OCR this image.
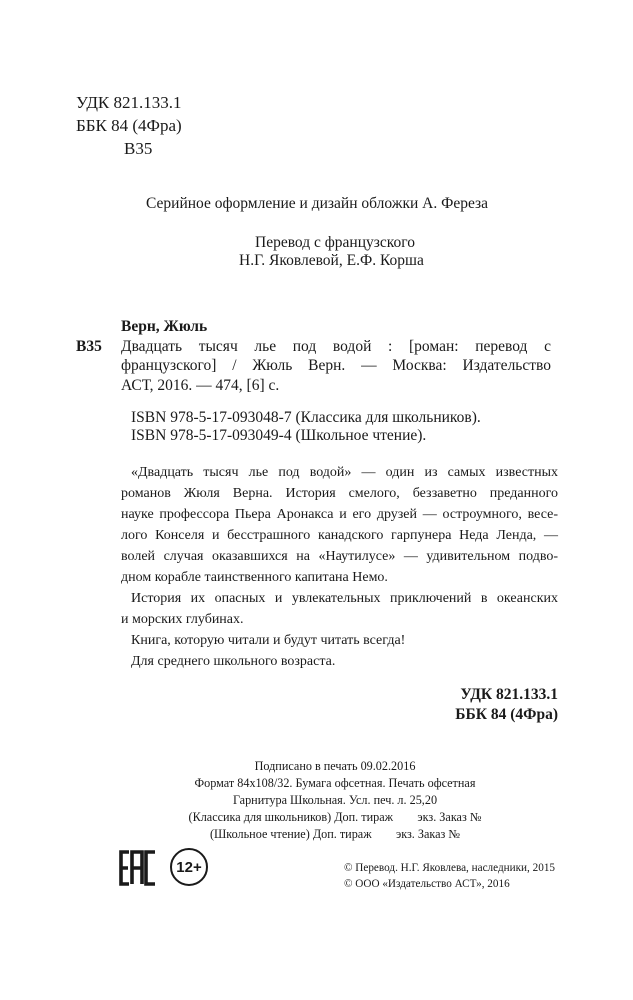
УДК 821.133.1
ББК 84 (4Фра)
В35
Серийное оформление и дизайн обложки А. Фереза
Перевод с французского
Н.Г. Яковлевой, Е.Ф. Корша
Верн, Жюль
В35 Двадцать тысяч лье под водой : [роман: перевод с
французского] / Жюль Верн. — Москва: Издательство
АСТ, 2016. — 474, [6] с.
ISBN 978-5-17-093048-7 (Классика для школьников).
ISBN 978-5-17-093049-4 (Школьное чтение).
«Двадцать тысяч лье под водой» — один из самых известных
романов Жюля Верна. История смелого, беззаветно преданного
науке профессора Пьера Аронакса и его друзей — остроумного, весе-
лого Конселя и бесстрашного канадского гарпунера Неда Ленда, —
волей случая оказавшихся на «Наутилусе» — удивительном подво-
дном корабле таинственного капитана Немо.
История их опасных и увлекательных приключений в океанских
и морских глубинах.
Книга, которую читали и будут читать всегда!
Для среднего школьного возраста.
УДК 821.133.1
ББК 84 (4Фра)
Подписано в печать 09.02.2016
Формат 84x108/32. Бумага офсетная. Печать офсетная
Гарнитура Школьная. Усл. печ. л. 25,20
(Классика для школьников) Доп. тираж        экз. Заказ №
(Школьное чтение) Доп. тираж        экз. Заказ №
12+	© Перевод. Н.Г. Яковлева, наследники, 2015
© ООО «Издательство АСТ», 2016
